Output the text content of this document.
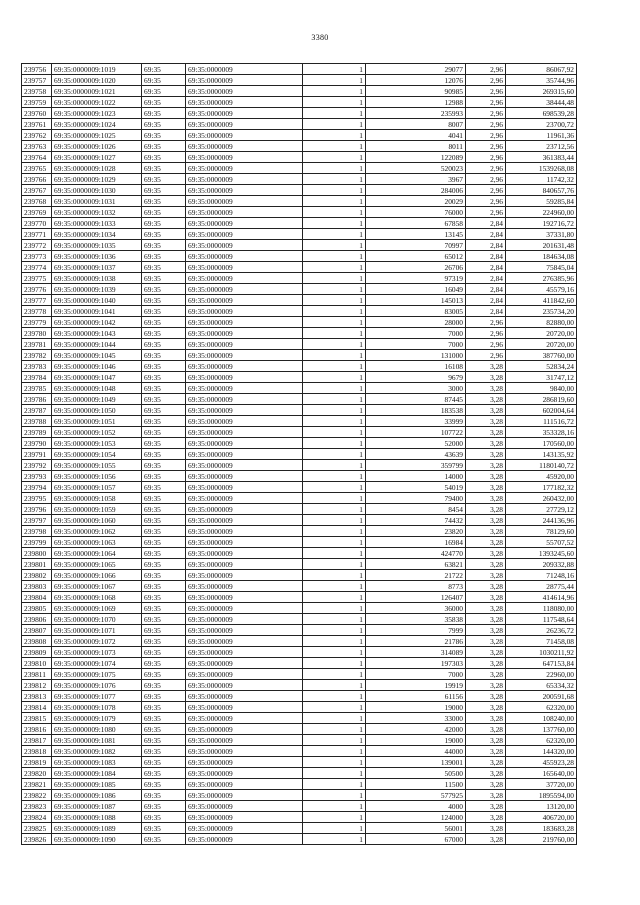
3380
239756	69:35:0000009:1019	69:35	69:35:0000009	1	29077	2,96	86067,92
239757	69:35:0000009:1020	69:35	69:35:0000009	1	12076	2,96	35744,96
239758	69:35:0000009:1021	69:35	69:35:0000009	1	90985	2,96	269315,60
239759	69:35:0000009:1022	69:35	69:35:0000009	1	12988	2,96	38444,48
239760	69:35:0000009:1023	69:35	69:35:0000009	1	235993	2,96	698539,28
239761	69:35:0000009:1024	69:35	69:35:0000009	1	8007	2,96	23700,72
239762	69:35:0000009:1025	69:35	69:35:0000009	1	4041	2,96	11961,36
239763	69:35:0000009:1026	69:35	69:35:0000009	1	8011	2,96	23712,56
239764	69:35:0000009:1027	69:35	69:35:0000009	1	122089	2,96	361383,44
239765	69:35:0000009:1028	69:35	69:35:0000009	1	520023	2,96	1539268,08
239766	69:35:0000009:1029	69:35	69:35:0000009	1	3967	2,96	11742,32
239767	69:35:0000009:1030	69:35	69:35:0000009	1	284006	2,96	840657,76
239768	69:35:0000009:1031	69:35	69:35:0000009	1	20029	2,96	59285,84
239769	69:35:0000009:1032	69:35	69:35:0000009	1	76000	2,96	224960,00
239770	69:35:0000009:1033	69:35	69:35:0000009	1	67858	2,84	192716,72
239771	69:35:0000009:1034	69:35	69:35:0000009	1	13145	2,84	37331,80
239772	69:35:0000009:1035	69:35	69:35:0000009	1	70997	2,84	201631,48
239773	69:35:0000009:1036	69:35	69:35:0000009	1	65012	2,84	184634,08
239774	69:35:0000009:1037	69:35	69:35:0000009	1	26706	2,84	75845,04
239775	69:35:0000009:1038	69:35	69:35:0000009	1	97319	2,84	276385,96
239776	69:35:0000009:1039	69:35	69:35:0000009	1	16049	2,84	45579,16
239777	69:35:0000009:1040	69:35	69:35:0000009	1	145013	2,84	411842,60
239778	69:35:0000009:1041	69:35	69:35:0000009	1	83005	2,84	235734,20
239779	69:35:0000009:1042	69:35	69:35:0000009	1	28000	2,96	82880,00
239780	69:35:0000009:1043	69:35	69:35:0000009	1	7000	2,96	20720,00
239781	69:35:0000009:1044	69:35	69:35:0000009	1	7000	2,96	20720,00
239782	69:35:0000009:1045	69:35	69:35:0000009	1	131000	2,96	387760,00
239783	69:35:0000009:1046	69:35	69:35:0000009	1	16108	3,28	52834,24
239784	69:35:0000009:1047	69:35	69:35:0000009	1	9679	3,28	31747,12
239785	69:35:0000009:1048	69:35	69:35:0000009	1	3000	3,28	9840,00
239786	69:35:0000009:1049	69:35	69:35:0000009	1	87445	3,28	286819,60
239787	69:35:0000009:1050	69:35	69:35:0000009	1	183538	3,28	602004,64
239788	69:35:0000009:1051	69:35	69:35:0000009	1	33999	3,28	111516,72
239789	69:35:0000009:1052	69:35	69:35:0000009	1	107722	3,28	353328,16
239790	69:35:0000009:1053	69:35	69:35:0000009	1	52000	3,28	170560,00
239791	69:35:0000009:1054	69:35	69:35:0000009	1	43639	3,28	143135,92
239792	69:35:0000009:1055	69:35	69:35:0000009	1	359799	3,28	1180140,72
239793	69:35:0000009:1056	69:35	69:35:0000009	1	14000	3,28	45920,00
239794	69:35:0000009:1057	69:35	69:35:0000009	1	54019	3,28	177182,32
239795	69:35:0000009:1058	69:35	69:35:0000009	1	79400	3,28	260432,00
239796	69:35:0000009:1059	69:35	69:35:0000009	1	8454	3,28	27729,12
239797	69:35:0000009:1060	69:35	69:35:0000009	1	74432	3,28	244136,96
239798	69:35:0000009:1062	69:35	69:35:0000009	1	23820	3,28	78129,60
239799	69:35:0000009:1063	69:35	69:35:0000009	1	16984	3,28	55707,52
239800	69:35:0000009:1064	69:35	69:35:0000009	1	424770	3,28	1393245,60
239801	69:35:0000009:1065	69:35	69:35:0000009	1	63821	3,28	209332,88
239802	69:35:0000009:1066	69:35	69:35:0000009	1	21722	3,28	71248,16
239803	69:35:0000009:1067	69:35	69:35:0000009	1	8773	3,28	28775,44
239804	69:35:0000009:1068	69:35	69:35:0000009	1	126407	3,28	414614,96
239805	69:35:0000009:1069	69:35	69:35:0000009	1	36000	3,28	118080,00
239806	69:35:0000009:1070	69:35	69:35:0000009	1	35838	3,28	117548,64
239807	69:35:0000009:1071	69:35	69:35:0000009	1	7999	3,28	26236,72
239808	69:35:0000009:1072	69:35	69:35:0000009	1	21786	3,28	71458,08
239809	69:35:0000009:1073	69:35	69:35:0000009	1	314089	3,28	1030211,92
239810	69:35:0000009:1074	69:35	69:35:0000009	1	197303	3,28	647153,84
239811	69:35:0000009:1075	69:35	69:35:0000009	1	7000	3,28	22960,00
239812	69:35:0000009:1076	69:35	69:35:0000009	1	19919	3,28	65334,32
239813	69:35:0000009:1077	69:35	69:35:0000009	1	61156	3,28	200591,68
239814	69:35:0000009:1078	69:35	69:35:0000009	1	19000	3,28	62320,00
239815	69:35:0000009:1079	69:35	69:35:0000009	1	33000	3,28	108240,00
239816	69:35:0000009:1080	69:35	69:35:0000009	1	42000	3,28	137760,00
239817	69:35:0000009:1081	69:35	69:35:0000009	1	19000	3,28	62320,00
239818	69:35:0000009:1082	69:35	69:35:0000009	1	44000	3,28	144320,00
239819	69:35:0000009:1083	69:35	69:35:0000009	1	139001	3,28	455923,28
239820	69:35:0000009:1084	69:35	69:35:0000009	1	50500	3,28	165640,00
239821	69:35:0000009:1085	69:35	69:35:0000009	1	11500	3,28	37720,00
239822	69:35:0000009:1086	69:35	69:35:0000009	1	577925	3,28	1895594,00
239823	69:35:0000009:1087	69:35	69:35:0000009	1	4000	3,28	13120,00
239824	69:35:0000009:1088	69:35	69:35:0000009	1	124000	3,28	406720,00
239825	69:35:0000009:1089	69:35	69:35:0000009	1	56001	3,28	183683,28
239826	69:35:0000009:1090	69:35	69:35:0000009	1	67000	3,28	219760,00
